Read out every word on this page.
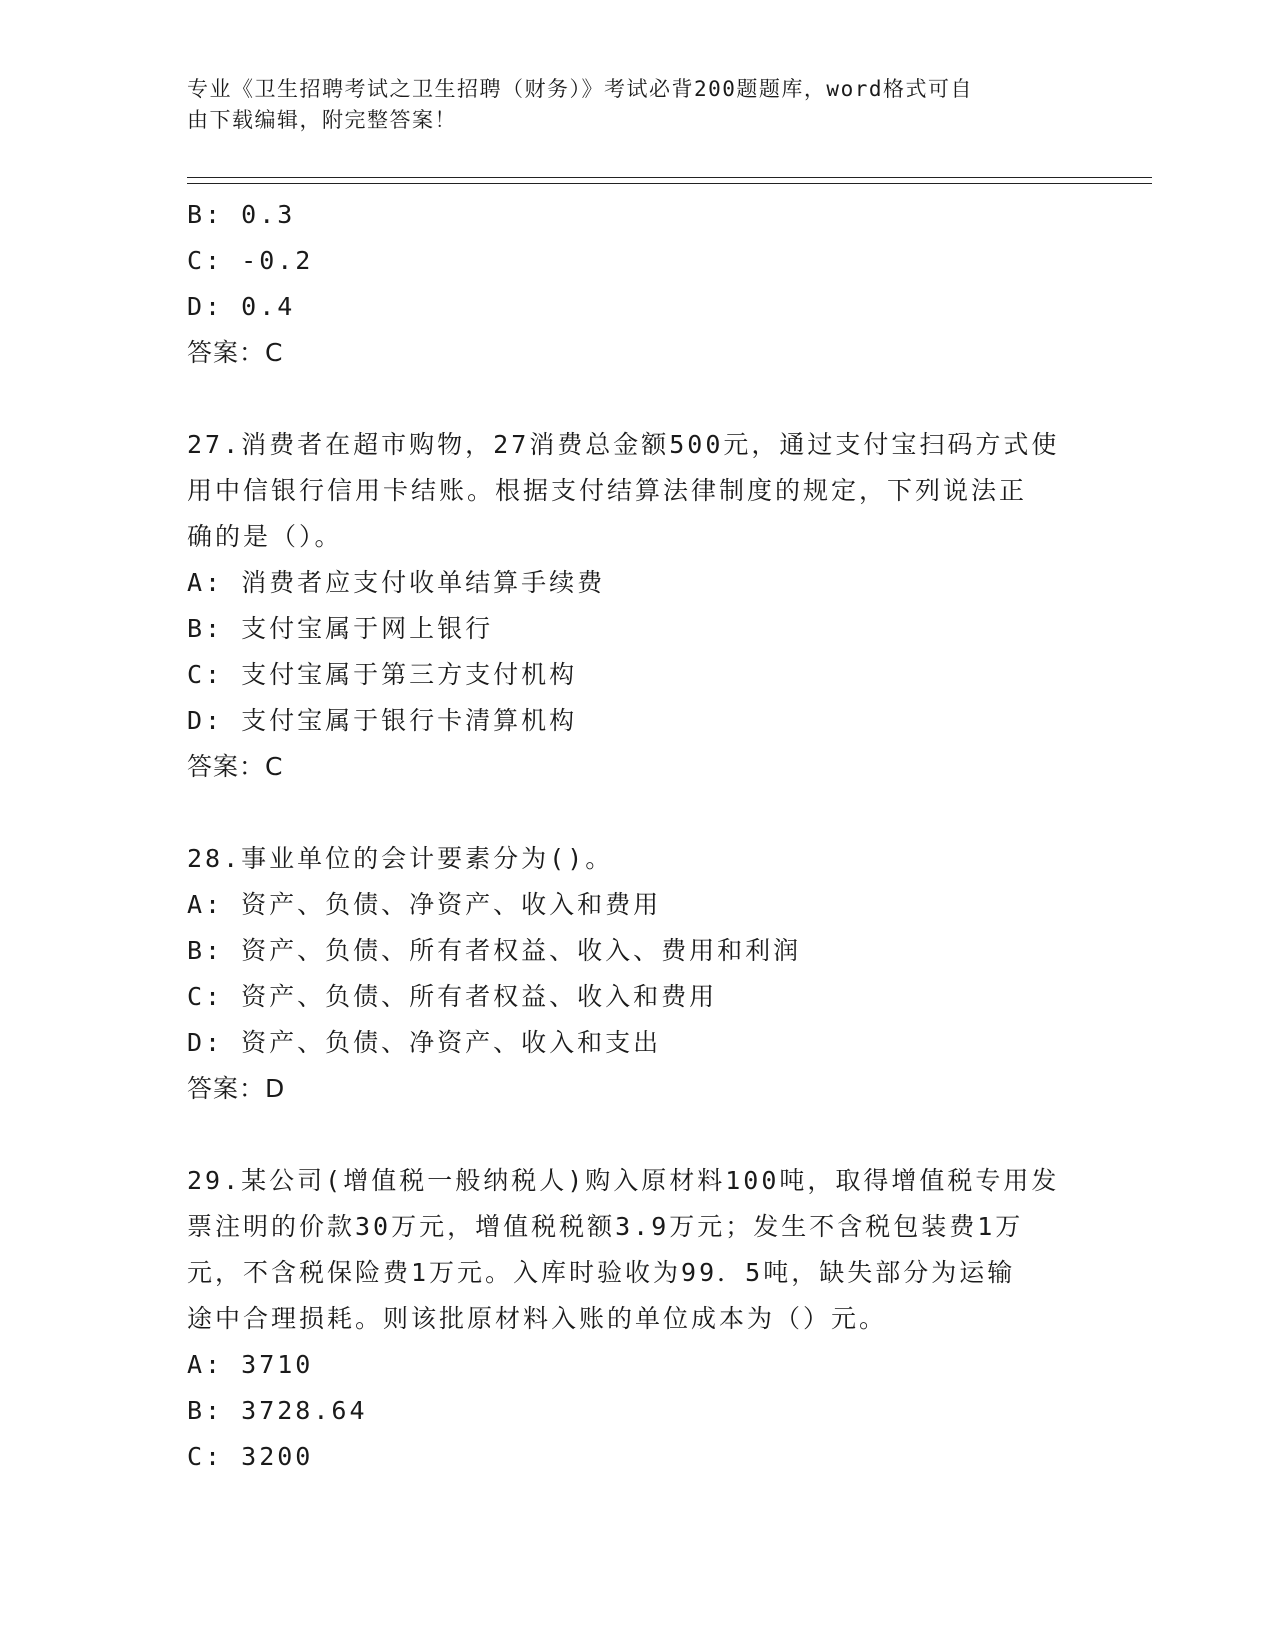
专业《卫生招聘考试之卫生招聘（财务）》考试必背200题题库，word格式可自
由下载编辑，附完整答案！
B: 0.3
C: -0.2
D: 0.4
答案：C
27.消费者在超市购物，27消费总金额500元，通过支付宝扫码方式使
用中信银行信用卡结账。根据支付结算法律制度的规定，下列说法正
确的是（）。
A: 消费者应支付收单结算手续费
B: 支付宝属于网上银行
C: 支付宝属于第三方支付机构
D: 支付宝属于银行卡清算机构
答案：C
28.事业单位的会计要素分为()。
A: 资产、负债、净资产、收入和费用
B: 资产、负债、所有者权益、收入、费用和利润
C: 资产、负债、所有者权益、收入和费用
D: 资产、负债、净资产、收入和支出
答案：D
29.某公司(增值税一般纳税人)购入原材料100吨，取得增值税专用发
票注明的价款30万元，增值税税额3.9万元；发生不含税包装费1万
元，不含税保险费1万元。入库时验收为99．5吨，缺失部分为运输
途中合理损耗。则该批原材料入账的单位成本为（）元。
A: 3710
B: 3728.64
C: 3200
